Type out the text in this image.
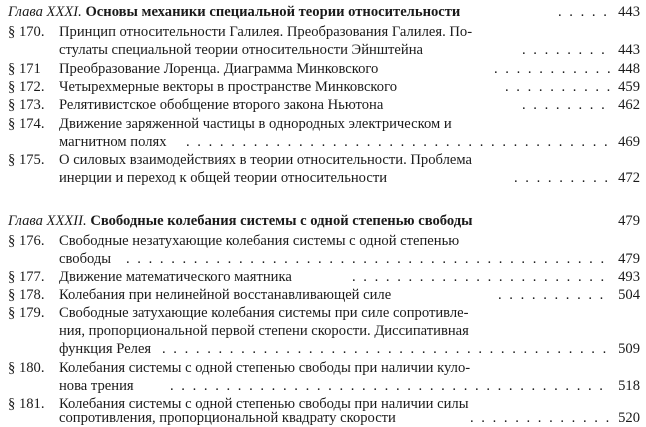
Глава XXXI. Основы механики специальной теории относительности . . .	443
§ 170. Принцип относительности Галилея. Преобразования Галилея. По-
стулаты специальной теории относительности Эйнштейна . . .	443
§ 171 Преобразование Лоренца. Диаграмма Минковского . . .	448
§ 172. Четырехмерные векторы в пространстве Минковского . . .	459
§ 173. Релятивистское обобщение второго закона Ньютона . . .	462
§ 174. Движение заряженной частицы в однородных электрическом и
магнитном полях . . .	469
§ 175. О силовых взаимодействиях в теории относительности. Проблема
инерции и переход к общей теории относительности . . .	472
Глава XXXII. Свободные колебания системы с одной степенью свободы	479
§ 176. Свободные незатухающие колебания системы с одной степенью
свободы . . .	479
§ 177. Движение математического маятника . . .	493
§ 178. Колебания при нелинейной восстанавливающей силе . . .	504
§ 179. Свободные затухающие колебания системы при силе сопротивле-
ния, пропорциональной первой степени скорости. Диссипативная
функция Релея . . .	509
§ 180. Колебания системы с одной степенью свободы при наличии куло-
нова трения . . .	518
§ 181. Колебания системы с одной степенью свободы при наличии силы
сопротивления, пропорциональной квадрату скорости . . .	520
